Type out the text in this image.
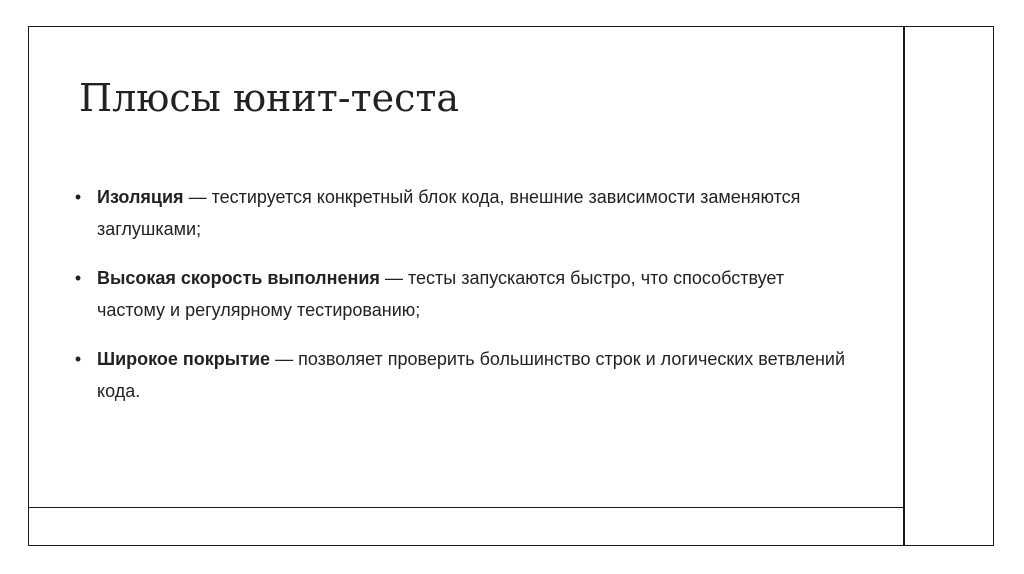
Плюсы юнит-теста
• Изоляция — тестируется конкретный блок кода, внешние зависимости заменяются заглушками;
• Высокая скорость выполнения — тесты запускаются быстро, что способствует частому и регулярному тестированию;
• Широкое покрытие — позволяет проверить большинство строк и логических ветвлений кода.
